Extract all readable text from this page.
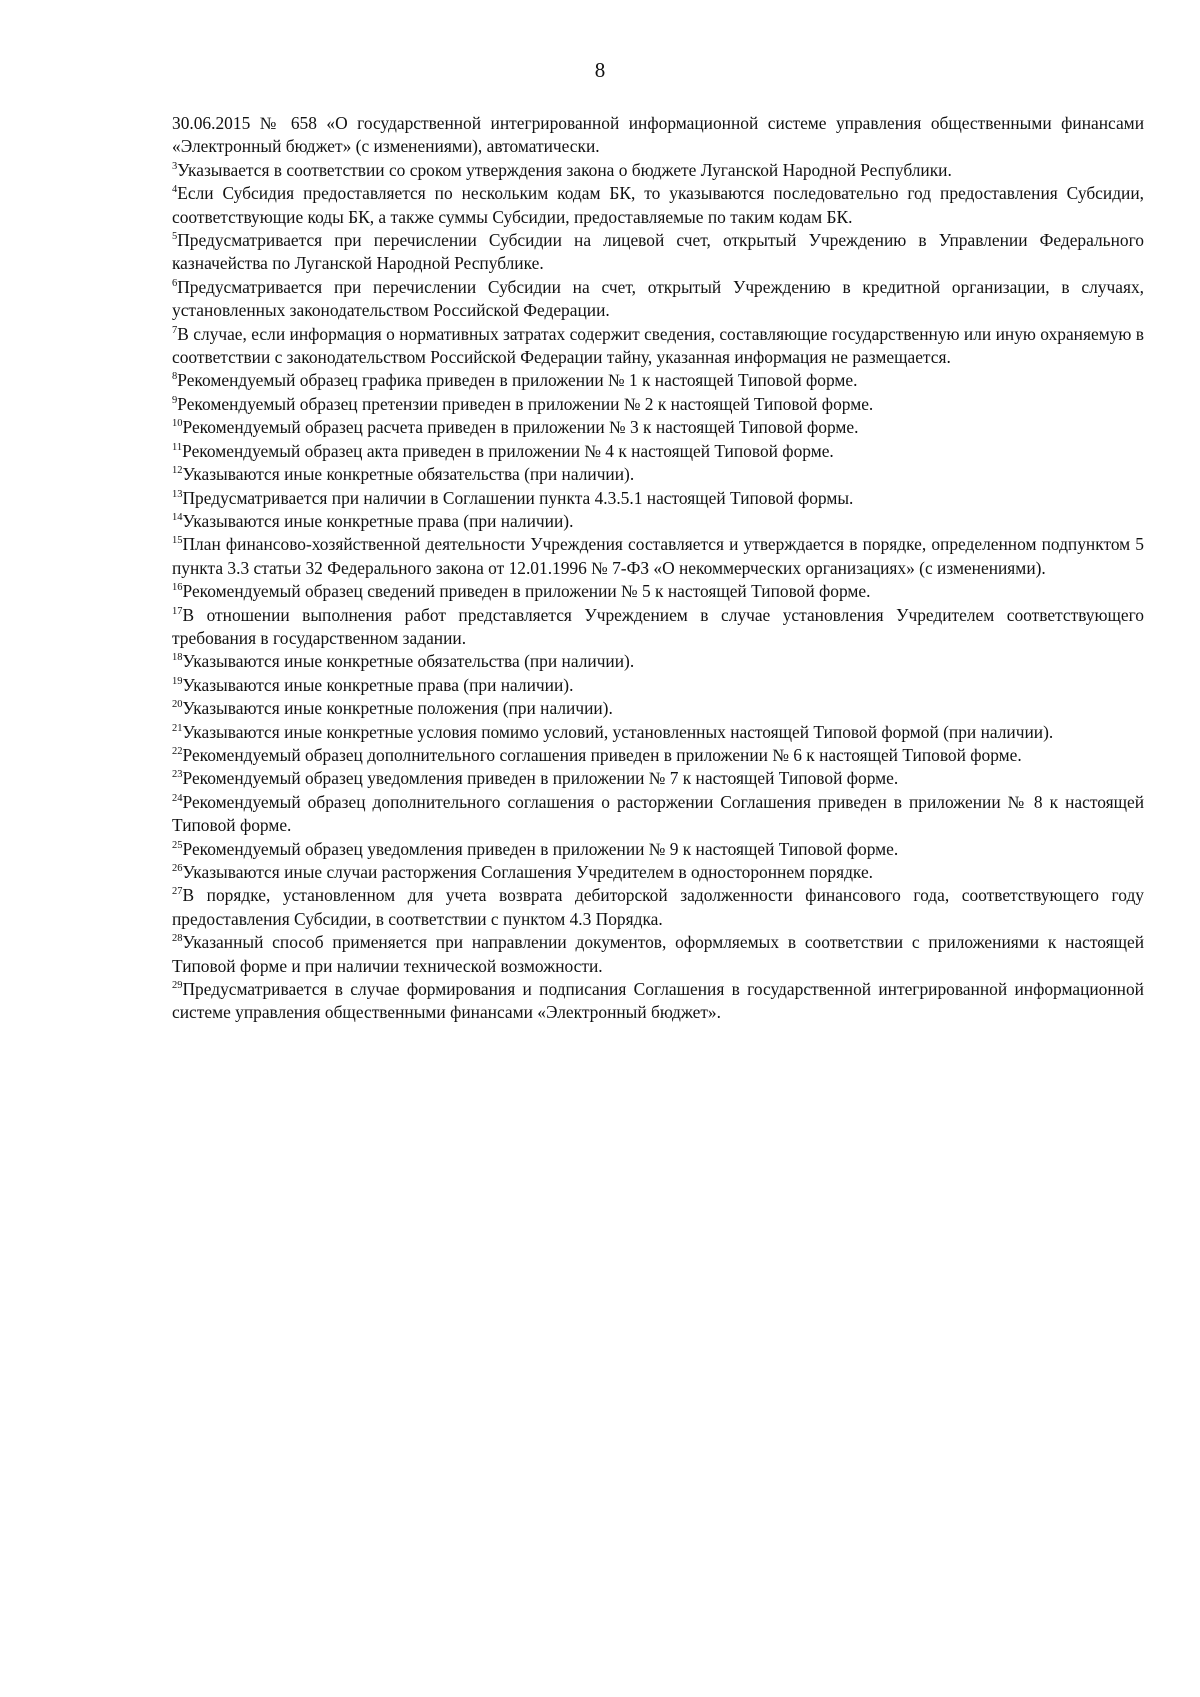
8

30.06.2015 № 658 «О государственной интегрированной информационной системе управления общественными финансами «Электронный бюджет» (с изменениями), автоматически.

$^3$Указывается в соответствии со сроком утверждения закона о бюджете Луганской Народной Республики.

$^4$Если Субсидия предоставляется по нескольким кодам БК, то указываются последовательно год предоставления Субсидии, соответствующие коды БК, а также суммы Субсидии, предоставляемые по таким кодам БК.

$^5$Предусматривается при перечислении Субсидии на лицевой счет, открытый Учреждению в Управлении Федерального казначейства по Луганской Народной Республике.

$^6$Предусматривается при перечислении Субсидии на счет, открытый Учреждению в кредитной организации, в случаях, установленных законодательством Российской Федерации.

$^7$В случае, если информация о нормативных затратах содержит сведения, составляющие государственную или иную охраняемую в соответствии с законодательством Российской Федерации тайну, указанная информация не размещается.

$^8$Рекомендуемый образец графика приведен в приложении № 1 к настоящей Типовой форме.

$^9$Рекомендуемый образец претензии приведен в приложении № 2 к настоящей Типовой форме.

$^{10}$Рекомендуемый образец расчета приведен в приложении № 3 к настоящей Типовой форме.

$^{11}$Рекомендуемый образец акта приведен в приложении № 4 к настоящей Типовой форме.

$^{12}$Указываются иные конкретные обязательства (при наличии).

$^{13}$Предусматривается при наличии в Соглашении пункта 4.3.5.1 настоящей Типовой формы.

$^{14}$Указываются иные конкретные права (при наличии).

$^{15}$План финансово-хозяйственной деятельности Учреждения составляется и утверждается в порядке, определенном подпунктом 5 пункта 3.3 статьи 32 Федерального закона от 12.01.1996 № 7-ФЗ «О некоммерческих организациях» (с изменениями).

$^{16}$Рекомендуемый образец сведений приведен в приложении № 5 к настоящей Типовой форме.

$^{17}$В отношении выполнения работ представляется Учреждением в случае установления Учредителем соответствующего требования в государственном задании.

$^{18}$Указываются иные конкретные обязательства (при наличии).

$^{19}$Указываются иные конкретные права (при наличии).

$^{20}$Указываются иные конкретные положения (при наличии).

$^{21}$Указываются иные конкретные условия помимо условий, установленных настоящей Типовой формой (при наличии).

$^{22}$Рекомендуемый образец дополнительного соглашения приведен в приложении № 6 к настоящей Типовой форме.

$^{23}$Рекомендуемый образец уведомления приведен в приложении № 7 к настоящей Типовой форме.

$^{24}$Рекомендуемый образец дополнительного соглашения о расторжении Соглашения приведен в приложении № 8 к настоящей Типовой форме.

$^{25}$Рекомендуемый образец уведомления приведен в приложении № 9 к настоящей Типовой форме.

$^{26}$Указываются иные случаи расторжения Соглашения Учредителем в одностороннем порядке.

$^{27}$В порядке, установленном для учета возврата дебиторской задолженности финансового года, соответствующего году предоставления Субсидии, в соответствии с пунктом 4.3 Порядка.

$^{28}$Указанный способ применяется при направлении документов, оформляемых в соответствии с приложениями к настоящей Типовой форме и при наличии технической возможности.

$^{29}$Предусматривается в случае формирования и подписания Соглашения в государственной интегрированной информационной системе управления общественными финансами «Электронный бюджет».
